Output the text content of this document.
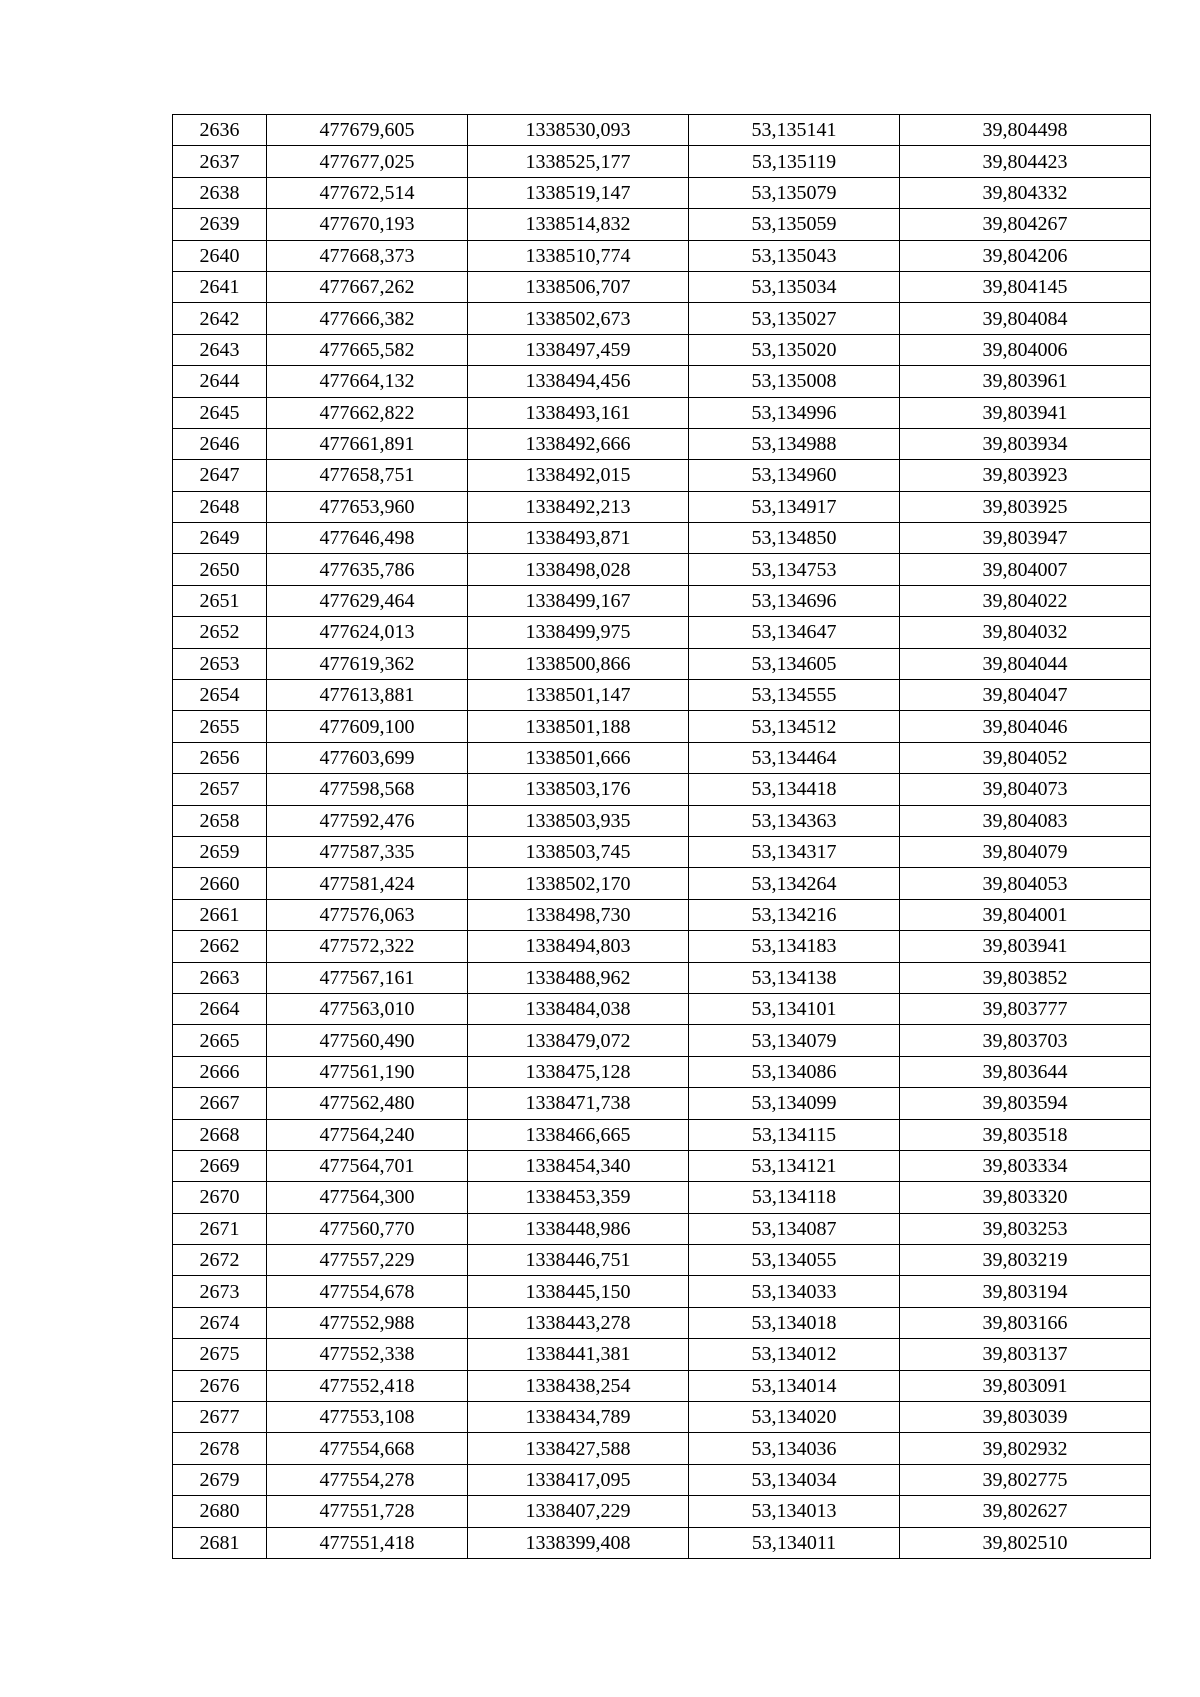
2636	477679,605	1338530,093	53,135141	39,804498
2637	477677,025	1338525,177	53,135119	39,804423
2638	477672,514	1338519,147	53,135079	39,804332
2639	477670,193	1338514,832	53,135059	39,804267
2640	477668,373	1338510,774	53,135043	39,804206
2641	477667,262	1338506,707	53,135034	39,804145
2642	477666,382	1338502,673	53,135027	39,804084
2643	477665,582	1338497,459	53,135020	39,804006
2644	477664,132	1338494,456	53,135008	39,803961
2645	477662,822	1338493,161	53,134996	39,803941
2646	477661,891	1338492,666	53,134988	39,803934
2647	477658,751	1338492,015	53,134960	39,803923
2648	477653,960	1338492,213	53,134917	39,803925
2649	477646,498	1338493,871	53,134850	39,803947
2650	477635,786	1338498,028	53,134753	39,804007
2651	477629,464	1338499,167	53,134696	39,804022
2652	477624,013	1338499,975	53,134647	39,804032
2653	477619,362	1338500,866	53,134605	39,804044
2654	477613,881	1338501,147	53,134555	39,804047
2655	477609,100	1338501,188	53,134512	39,804046
2656	477603,699	1338501,666	53,134464	39,804052
2657	477598,568	1338503,176	53,134418	39,804073
2658	477592,476	1338503,935	53,134363	39,804083
2659	477587,335	1338503,745	53,134317	39,804079
2660	477581,424	1338502,170	53,134264	39,804053
2661	477576,063	1338498,730	53,134216	39,804001
2662	477572,322	1338494,803	53,134183	39,803941
2663	477567,161	1338488,962	53,134138	39,803852
2664	477563,010	1338484,038	53,134101	39,803777
2665	477560,490	1338479,072	53,134079	39,803703
2666	477561,190	1338475,128	53,134086	39,803644
2667	477562,480	1338471,738	53,134099	39,803594
2668	477564,240	1338466,665	53,134115	39,803518
2669	477564,701	1338454,340	53,134121	39,803334
2670	477564,300	1338453,359	53,134118	39,803320
2671	477560,770	1338448,986	53,134087	39,803253
2672	477557,229	1338446,751	53,134055	39,803219
2673	477554,678	1338445,150	53,134033	39,803194
2674	477552,988	1338443,278	53,134018	39,803166
2675	477552,338	1338441,381	53,134012	39,803137
2676	477552,418	1338438,254	53,134014	39,803091
2677	477553,108	1338434,789	53,134020	39,803039
2678	477554,668	1338427,588	53,134036	39,802932
2679	477554,278	1338417,095	53,134034	39,802775
2680	477551,728	1338407,229	53,134013	39,802627
2681	477551,418	1338399,408	53,134011	39,802510
